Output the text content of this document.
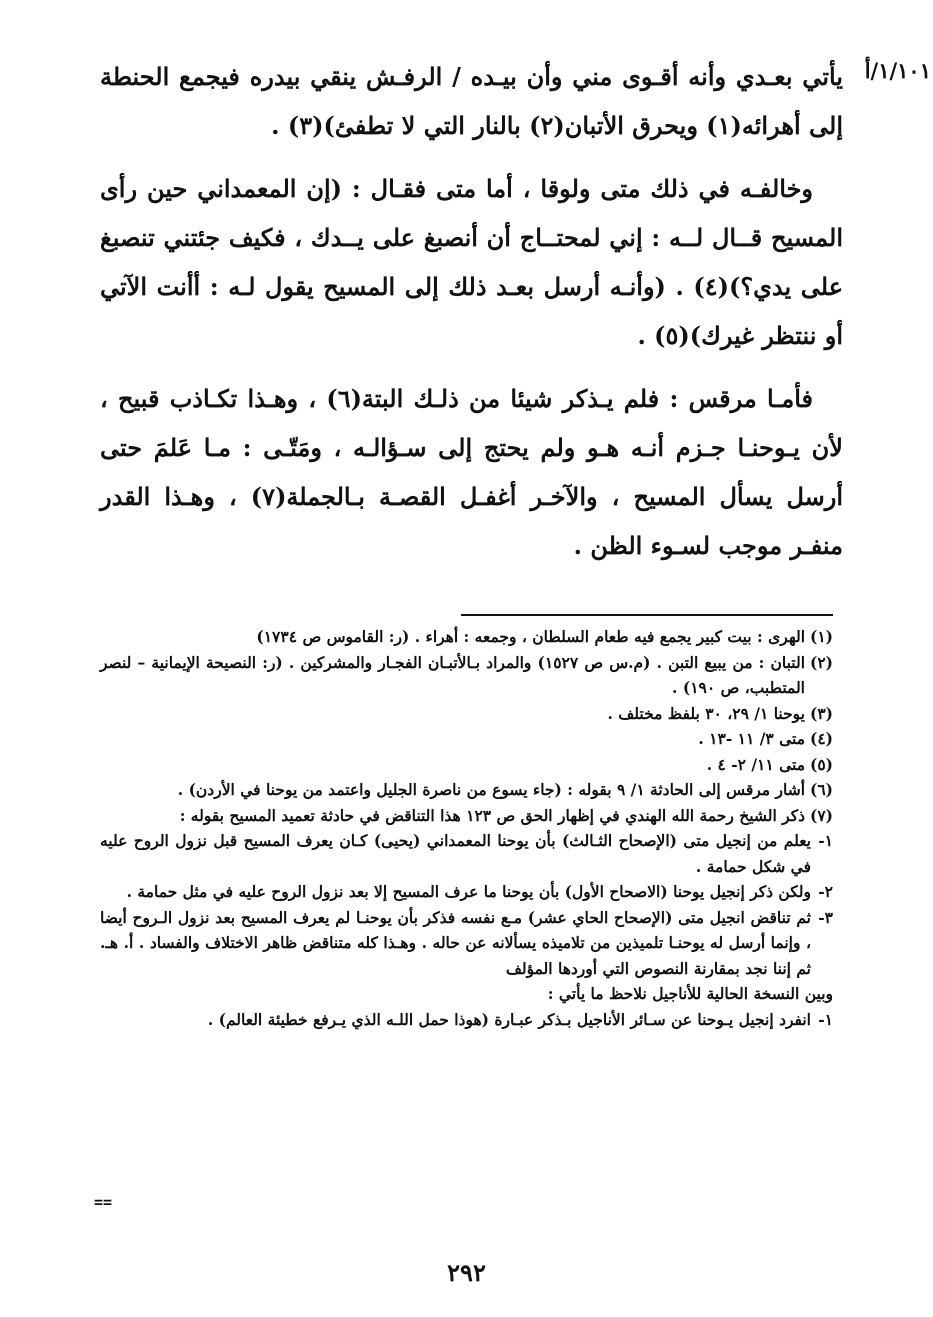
١/١٠١/أ

يأتي بعـدي وأنه أقـوى مني وأن بيـده / الرفـش ينقي بيدره فيجمع الحنطة إلى أهرائه(١) ويحرق الأتبان(٢) بالنار التي لا تطفئ)(٣) .

وخالفـه في ذلك متى ولوقا ، أما متى فقـال : (إن المعمداني حين رأى المسيح قــال لــه : إني لمحتــاج أن أنصبغ على يــدك ، فكيف جئتني تنصبغ على يدي؟)(٤) . (وأنـه أرسل بعـد ذلك إلى المسيح يقول لـه : أأنت الآتي أو ننتظر غيرك)(٥) .

فأمـا مرقس : فلم يـذكر شيئا من ذلـك البتة(٦) ، وهـذا تكـاذب قبيح ، لأن يـوحنـا جـزم أنـه هـو ولم يحتج إلى سـؤالـه ، ومَتّـى : مـا عَلمَ حتى أرسل يسأل المسيح ، والآخـر أغفـل القصـة بـالجملة(٧) ، وهـذا القدر منفـر موجب لسـوء الظن .

(١)الهرى : بيت كبير يجمع فيه طعام السلطان ، وجمعه : أهراء . (ر: القاموس ص ١٧٣٤)

(٢)التبان : من يبيع التبن . (م.س ص ١٥٢٧) والمراد بـالأتبـان الفجـار والمشركين . (ر: النصيحة الإيمانية – لنصر المتطبب، ص ١٩٠) .

(٣)يوحنا ١/ ٢٩، ٣٠ بلفظ مختلف .

(٤)متى ٣/ ١١ -١٣ .

(٥)متى ١١/ ٢- ٤ .

(٦)أشار مرقس إلى الحادثة ١/ ٩ بقوله : (جاء يسوع من ناصرة الجليل واعتمد من يوحنا في الأردن) .

(٧)ذكر الشيخ رحمة الله الهندي في إظهار الحق ص ١٢٣ هذا التناقض في حادثة تعميد المسيح بقوله :

١-يعلم من إنجيل متى (الإصحاح الثـالث) بأن يوحنا المعمداني (يحيى) كـان يعرف المسيح قبل نزول الروح عليه في شكل حمامة .

٢-ولكن ذكر إنجيل يوحنا (الاصحاح الأول) بأن يوحنا ما عرف المسيح إلا بعد نزول الروح عليه في مثل حمامة .

٣-ثم تناقض انجيل متى (الإصحاح الحاي عشر) مـع نفسه فذكر بأن يوحنـا لم يعرف المسيح بعد نزول الـروح أيضا ، وإنما أرسل له يوحنـا تلميذين من تلاميذه يسألانه عن حاله . وهـذا كله متناقض ظاهر الاختلاف والفساد . أ. هـ. ثم إننا نجد بمقارنة النصوص التي أوردها المؤلف

وبين النسخة الحالية للأناجيل نلاحظ ما يأتي :

١-انفرد إنجيل يـوحنا عن سـائر الأناجيل بـذكر عبـارة (هوذا حمل اللـه الذي يـرفع خطيئة العالم) .

==
٢٩٢
